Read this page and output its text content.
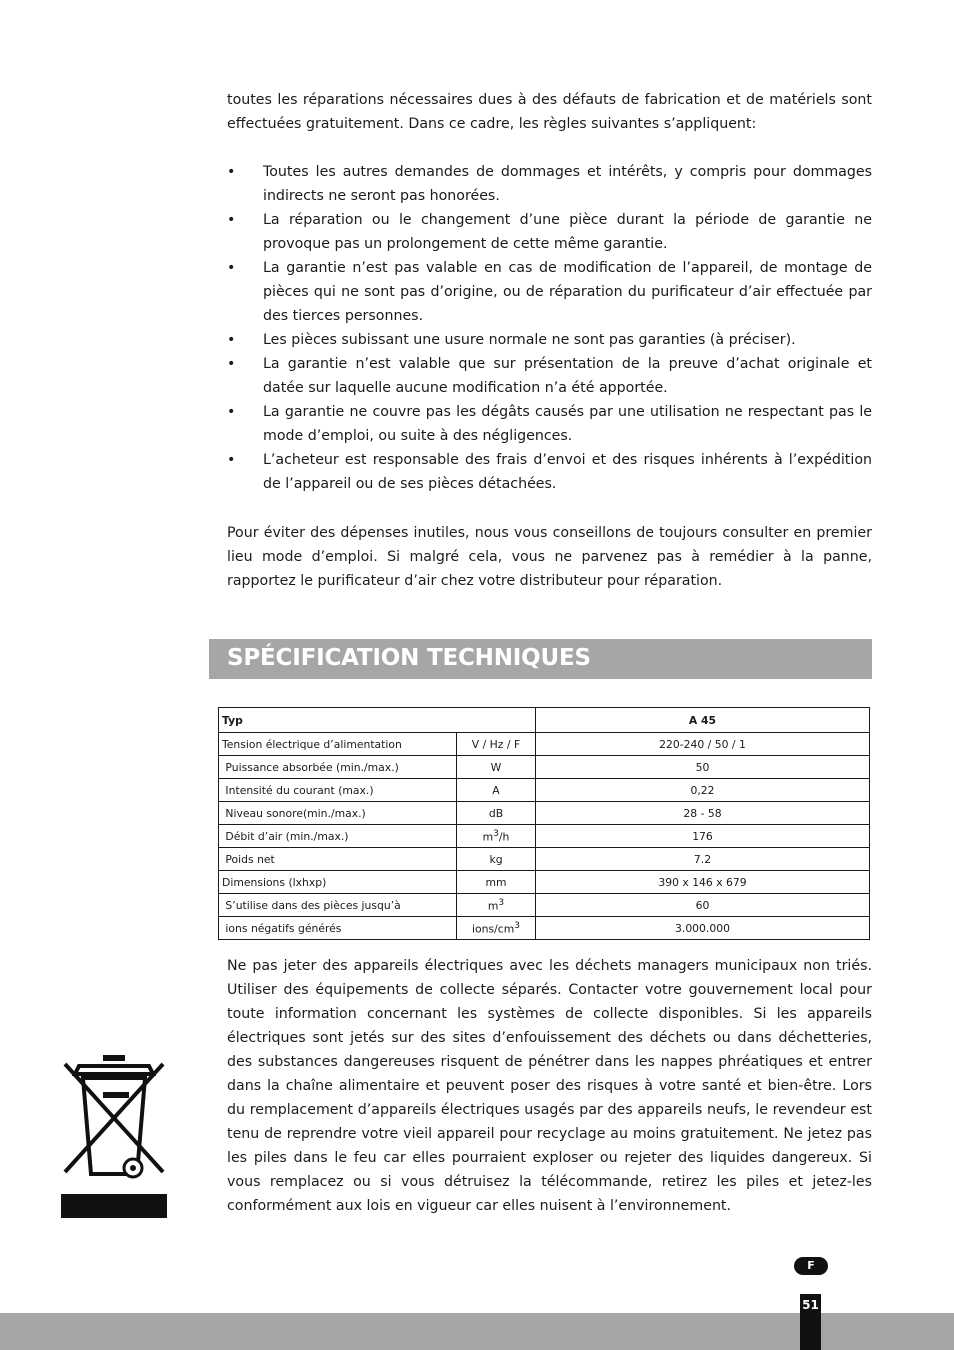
toutes les réparations nécessaires dues à des défauts de fabrication et de matériels sont effectuées gratuitement. Dans ce cadre, les règles suivantes s’appliquent:

• Toutes les autres demandes de dommages et intérêts, y compris pour dommages indirects ne seront pas honorées.
• La réparation ou le changement d’une pièce durant la période de garantie ne provoque pas un prolongement de cette même garantie.
• La garantie n’est pas valable en cas de modification de l’appareil, de montage de pièces qui ne sont pas d’origine, ou de réparation du purificateur d’air effectuée par des tierces personnes.
• Les pièces subissant une usure normale ne sont pas garanties (à préciser).
• La garantie n’est valable que sur présentation de la preuve d’achat originale et datée sur laquelle aucune modification n’a été apportée.
• La garantie ne couvre pas les dégâts causés par une utilisation ne respectant pas le mode d’emploi, ou suite à des négligences.
• L’acheteur est responsable des frais d’envoi et des risques inhérents à l’expédition de l’appareil ou de ses pièces détachées.

Pour éviter des dépenses inutiles, nous vous conseillons de toujours consulter en premier lieu mode d’emploi. Si malgré cela, vous ne parvenez pas à remédier à la panne, rapportez le purificateur d’air chez votre distributeur pour réparation.

SPÉCIFICATION TECHNIQUES
Typ		A 45
Tension électrique d’alimentation	V / Hz / F	220-240 / 50 / 1
Puissance absorbée (min./max.)	W	50
Intensité du courant (max.)	A	0,22
Niveau sonore(min./max.)	dB	28 - 58
Débit d’air (min./max.)	$m^3/h$	176
Poids net	kg	7.2
Dimensions (lxhxp)	mm	390 x 146 x 679
S’utilise dans des pièces jusqu’à	$m^3$	60
ions négatifs générés	ions/$cm^3$	3.000.000

Ne pas jeter des appareils électriques avec les déchets managers municipaux non triés. Utiliser des équipements de collecte séparés. Contacter votre gouvernement local pour toute information concernant les systèmes de collecte disponibles. Si les appareils électriques sont jetés sur des sites d’enfouissement des déchets ou dans déchetteries, des substances dangereuses risquent de pénétrer dans les nappes phréatiques et entrer dans la chaîne alimentaire et peuvent poser des risques à votre santé et bien-être. Lors du remplacement d’appareils électriques usagés par des appareils neufs, le revendeur est tenu de reprendre votre vieil appareil pour recyclage au moins gratuitement. Ne jetez pas les piles dans le feu car elles pourraient exploser ou rejeter des liquides dangereux. Si vous remplacez ou si vous détruisez la télécommande, retirez les piles et jetez-les conformément aux lois en vigueur car elles nuisent à l’environnement.

F
51
